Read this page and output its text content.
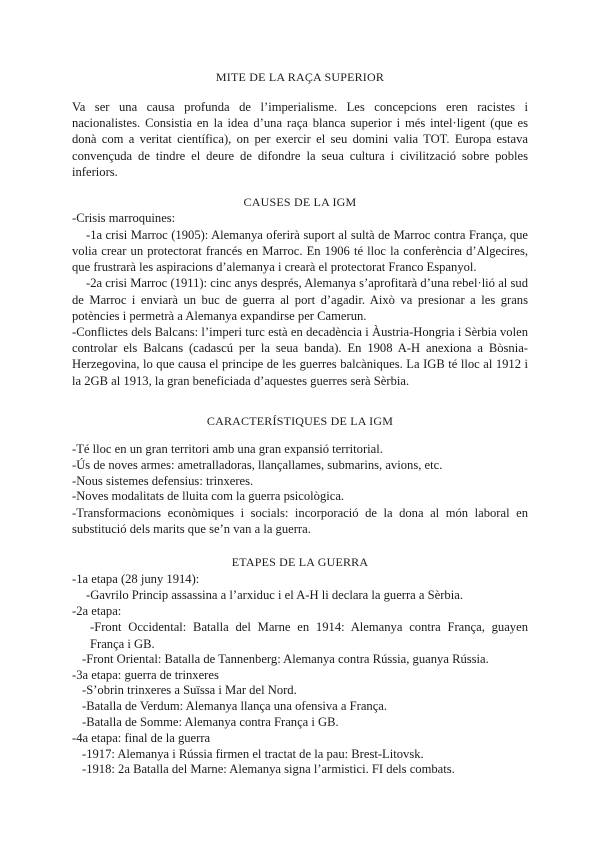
MITE DE LA RAÇA SUPERIOR

Va ser una causa profunda de l’imperialisme. Les concepcions eren racistes i nacionalistes. Consistia en la idea d’una raça blanca superior i més intel·ligent (que es donà com a veritat científica), on per exercir el seu domini valia TOT. Europa estava convençuda de tindre el deure de difondre la seua cultura i civilització sobre pobles inferiors.

CAUSES DE LA IGM

-Crisis marroquines:

-1a crisi Marroc (1905): Alemanya oferirà suport al sultà de Marroc contra França, que volia crear un protectorat francés en Marroc. En 1906 té lloc la conferència d’Algecires, que frustrarà les aspiracions d’alemanya i crearà el protectorat Franco Espanyol.

-2a crisi Marroc (1911): cinc anys després, Alemanya s’aprofitarà d’una rebel·lió al sud de Marroc i enviarà un buc de guerra al port d’agadir. Això va presionar a les grans potències i permetrà a Alemanya expandirse per Camerun.

-Conflictes dels Balcans: l’imperi turc està en decadència i Àustria-Hongria i Sèrbia volen controlar els Balcans (cadascú per la seua banda). En 1908 A-H anexiona a Bòsnia-Herzegovina, lo que causa el principe de les guerres balcàniques. La IGB té lloc al 1912 i la 2GB al 1913, la gran beneficiada d’aquestes guerres serà Sèrbia.

CARACTERÍSTIQUES DE LA IGM

-Té lloc en un gran territori amb una gran expansió territorial.

-Ús de noves armes: ametralladoras, llançallames, submarins, avions, etc.

-Nous sistemes defensius: trinxeres.

-Noves modalitats de lluita com la guerra psicològica.

-Transformacions econòmiques i socials: incorporació de la dona al món laboral en substitució dels marits que se’n van a la guerra.

ETAPES DE LA GUERRA

-1a etapa (28 juny 1914):

-Gavrilo Princip assassina a l’arxiduc i el A-H li declara la guerra a Sèrbia.

-2a etapa:

-Front Occidental: Batalla del Marne en 1914: Alemanya contra França, guayen França i GB.

-Front Oriental: Batalla de Tannenberg: Alemanya contra Rússia, guanya Rússia.

-3a etapa: guerra de trinxeres

-S’obrin trinxeres a Suïssa i Mar del Nord.

-Batalla de Verdum: Alemanya llança una ofensiva a França.

-Batalla de Somme: Alemanya contra França i GB.

-4a etapa: final de la guerra

-1917: Alemanya i Rússia firmen el tractat de la pau: Brest-Litovsk.

-1918: 2a Batalla del Marne: Alemanya signa l’armistici. FI dels combats.
